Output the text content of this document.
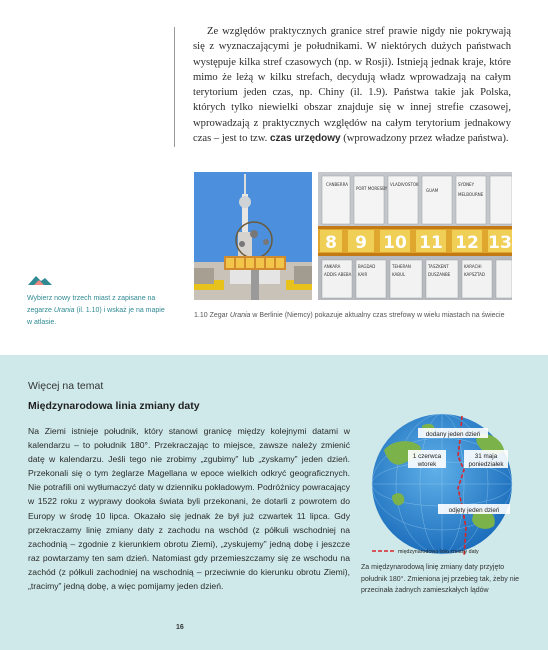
Ze względów praktycznych granice stref prawie nigdy nie pokrywają się z wyznaczającymi je południkami. W niektórych dużych państwach występuje kilka stref czasowych (np. w Rosji). Istnieją jednak kraje, które mimo że leżą w kilku strefach, decydują władz wprowadzają na całym terytorium jeden czas, np. Chiny (il. 1.9). Państwa takie jak Polska, których tylko niewielki obszar znajduje się w innej strefie czasowej, wprowadzają z praktycznych względów na całym terytorium jednakowy czas – jest to tzw. czas urzędowy (wprowadzony przez władze państwa).
CANBERRA
PORT MORESBY
VLADIVOSTOK
GUAM
SYDNEY
MELBOURNE
8 9 10 11 12 13
ANKARA
ADDIS ABEBA
BAGDAD
KAIR
TEHERAN
KABUL
TASZKENT
DUSZANBE
KARACHI
KAPSZTAD
Wybierz nowy trzech miast z zapisane na zegarze Urania (il. 1.10) i wskaż je na mapie w atlasie.
1.10 Zegar Urania w Berlinie (Niemcy) pokazuje aktualny czas strefowy w wielu miastach na świecie
Więcej na temat
Międzynarodowa linia zmiany daty
Na Ziemi istnieje południk, który stanowi granicę między kolejnymi datami w kalendarzu – to południk 180°. Przekraczając to miejsce, zawsze należy zmienić datę w kalendarzu. Jeśli tego nie zrobimy „zgubimy” lub „zyskamy” jeden dzień. Przekonali się o tym żeglarze Magellana w epoce wielkich odkryć geograficznych. Nie potrafili oni wytłumaczyć daty w dzienniku pokładowym. Podróżnicy powracający w 1522 roku z wyprawy dookoła świata byli przekonani, że dotarli z powrotem do Europy w środę 10 lipca. Okazało się jednak że był już czwartek 11 lipca. Gdy przekraczamy linię zmiany daty z zachodu na wschód (z półkuli wschodniej na zachodnią – zgodnie z kierunkiem obrotu Ziemi), „zyskujemy” jedną dobę i jeszcze raz powtarzamy ten sam dzień. Natomiast gdy przemieszczamy się ze wschodu na zachód (z półkuli zachodniej na wschodnią – przeciwnie do kierunku obrotu Ziemi), „tracimy” jedną dobę, a więc pomijamy jeden dzień.
dodany jeden dzień
1 czerwca
wtorek
31 maja
poniedziałek
odjęty jeden dzień
międzynarodowa linia zmiany daty
Za międzynarodową linię zmiany daty przyjęto południk 180°. Zmieniona jej przebieg tak, żeby nie przecinała żadnych zamieszkałych lądów
16
